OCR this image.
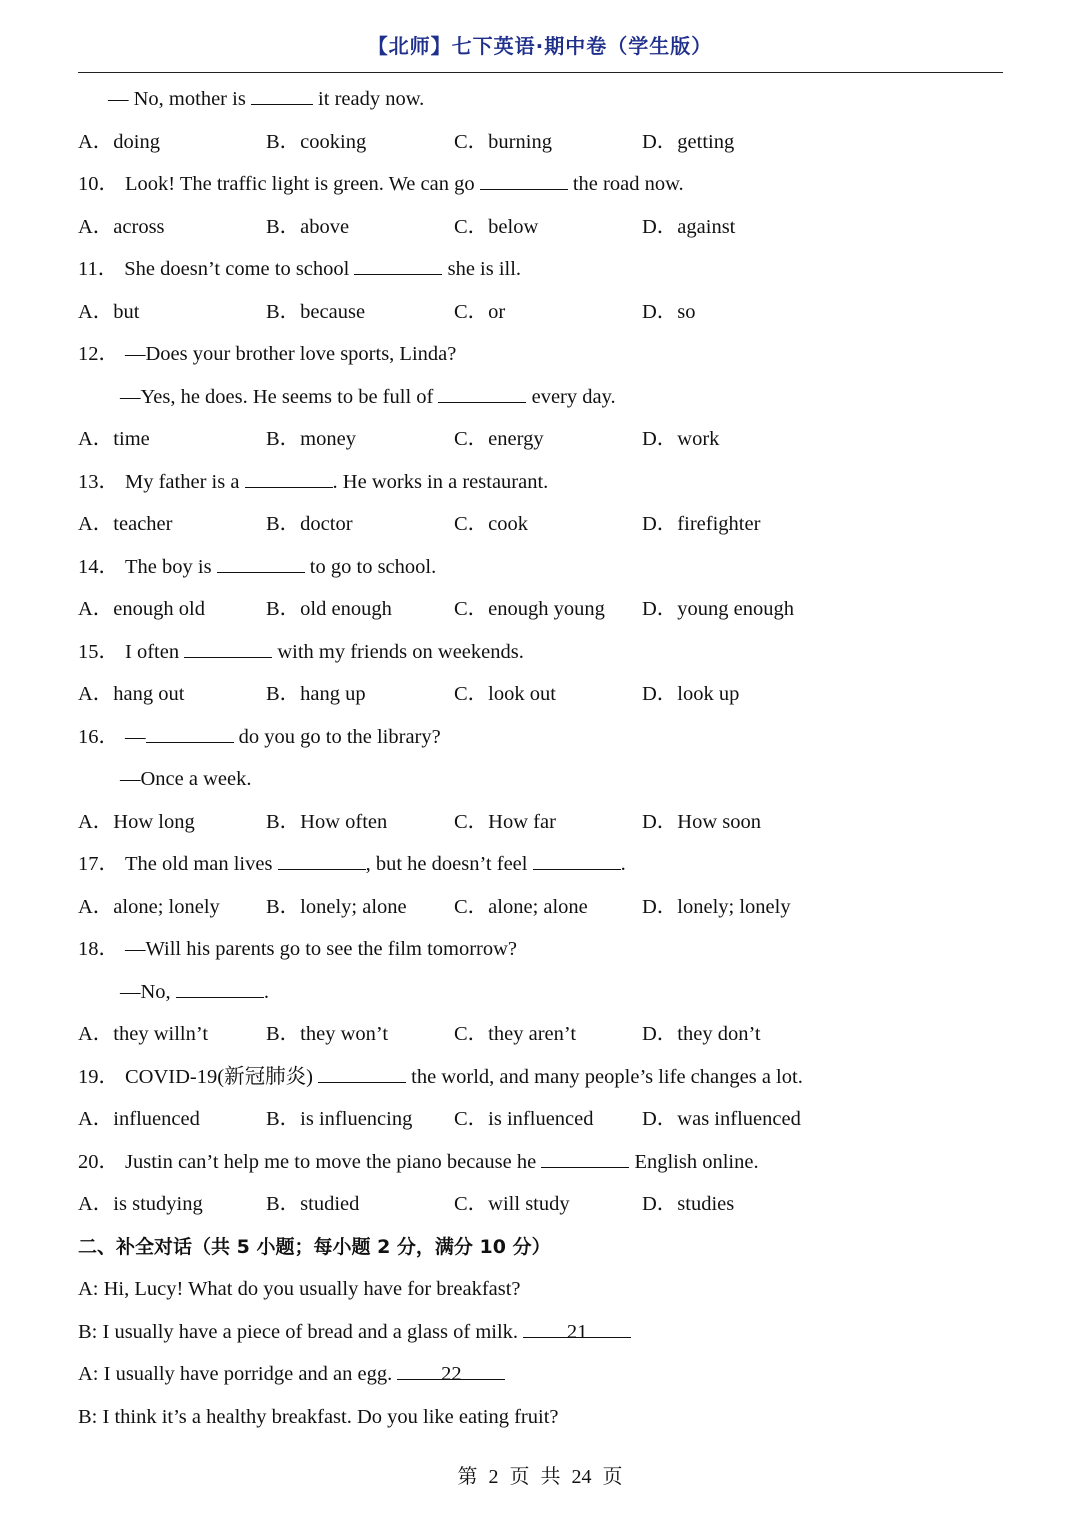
【北师】七下英语·期中卷（学生版）
— No, mother is	it ready now.
A．doing	B．cooking	C．burning	D．getting
10． Look! The traffic light is green. We can go	the road now.
A．across	B．above	C．below	D．against
11． She doesn’t come to school	she is ill.
A．but	B．because	C．or	D．so
12． —Does your brother love sports, Linda?
—Yes, he does. He seems to be full of	every day.
A．time	B．money	C．energy	D．work
13． My father is a	. He works in a restaurant.
A．teacher	B．doctor	C．cook	D．firefighter
14． The boy is	to go to school.
A．enough old	B．old enough	C．enough young	D．young enough
15． I often	with my friends on weekends.
A．hang out	B．hang up	C．look out	D．look up
16． —	do you go to the library?
—Once a week.
A．How long	B．How often	C．How far	D．How soon
17． The old man lives	, but he doesn’t feel	.
A．alone; lonely	B．lonely; alone	C．alone; alone	D．lonely; lonely
18． —Will his parents go to see the film tomorrow?
—No,	.
A．they willn’t	B．they won’t	C．they aren’t	D．they don’t
19． COVID-19(新冠肺炎)	the world, and many people’s life changes a lot.
A．influenced	B．is influencing	C．is influenced	D．was influenced
20． Justin can’t help me to move the piano because he	English online.
A．is studying	B．studied	C．will study	D．studies
二、补全对话（共 5 小题；每小题 2 分，满分 10 分）
A: Hi, Lucy! What do you usually have for breakfast?
B: I usually have a piece of bread and a glass of milk. 21
A: I usually have porridge and an egg. 22
B: I think it’s a healthy breakfast. Do you like eating fruit?
第 2 页 共 24 页
